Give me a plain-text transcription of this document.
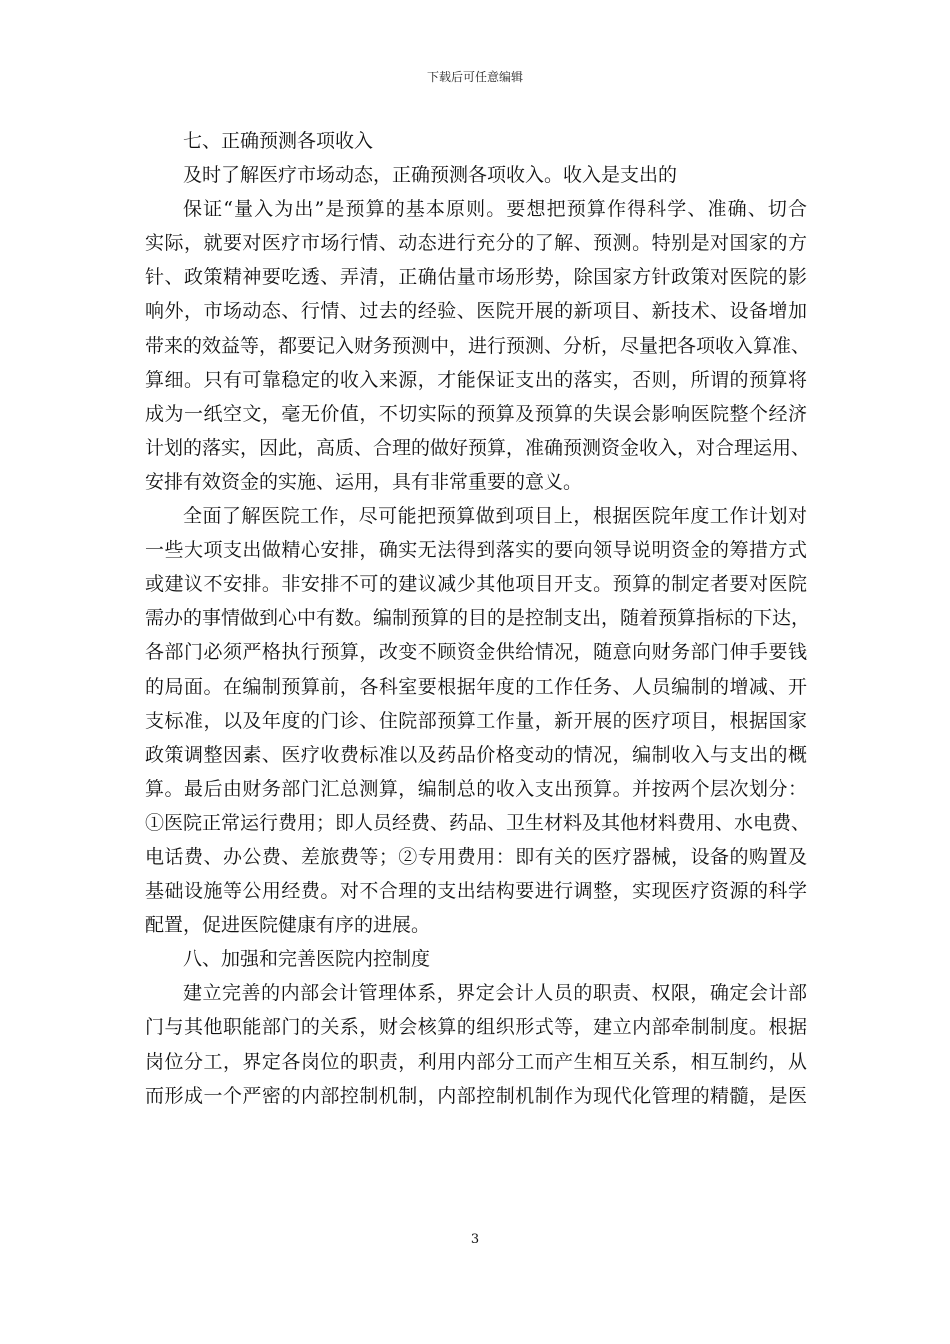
下载后可任意编辑
七、正确预测各项收入
及时了解医疗市场动态，正确预测各项收入。收入是支出的
保证“量入为出”是预算的基本原则。要想把预算作得科学、准确、切合
实际，就要对医疗市场行情、动态进行充分的了解、预测。特别是对国家的方
针、政策精神要吃透、弄清，正确估量市场形势，除国家方针政策对医院的影
响外，市场动态、行情、过去的经验、医院开展的新项目、新技术、设备增加
带来的效益等，都要记入财务预测中，进行预测、分析，尽量把各项收入算准、
算细。只有可靠稳定的收入来源，才能保证支出的落实，否则，所谓的预算将
成为一纸空文，毫无价值，不切实际的预算及预算的失误会影响医院整个经济
计划的落实，因此，高质、合理的做好预算，准确预测资金收入，对合理运用、
安排有效资金的实施、运用，具有非常重要的意义。
全面了解医院工作，尽可能把预算做到项目上，根据医院年度工作计划对
一些大项支出做精心安排，确实无法得到落实的要向领导说明资金的筹措方式
或建议不安排。非安排不可的建议减少其他项目开支。预算的制定者要对医院
需办的事情做到心中有数。编制预算的目的是控制支出，随着预算指标的下达，
各部门必须严格执行预算，改变不顾资金供给情况，随意向财务部门伸手要钱
的局面。在编制预算前，各科室要根据年度的工作任务、人员编制的增减、开
支标准，以及年度的门诊、住院部预算工作量，新开展的医疗项目，根据国家
政策调整因素、医疗收费标准以及药品价格变动的情况，编制收入与支出的概
算。最后由财务部门汇总测算，编制总的收入支出预算。并按两个层次划分：
①医院正常运行费用；即人员经费、药品、卫生材料及其他材料费用、水电费、
电话费、办公费、差旅费等；②专用费用：即有关的医疗器械，设备的购置及
基础设施等公用经费。对不合理的支出结构要进行调整，实现医疗资源的科学
配置，促进医院健康有序的进展。
八、加强和完善医院内控制度
建立完善的内部会计管理体系，界定会计人员的职责、权限，确定会计部
门与其他职能部门的关系，财会核算的组织形式等，建立内部牵制制度。根据
岗位分工，界定各岗位的职责，利用内部分工而产生相互关系，相互制约，从
而形成一个严密的内部控制机制，内部控制机制作为现代化管理的精髓，是医
3
